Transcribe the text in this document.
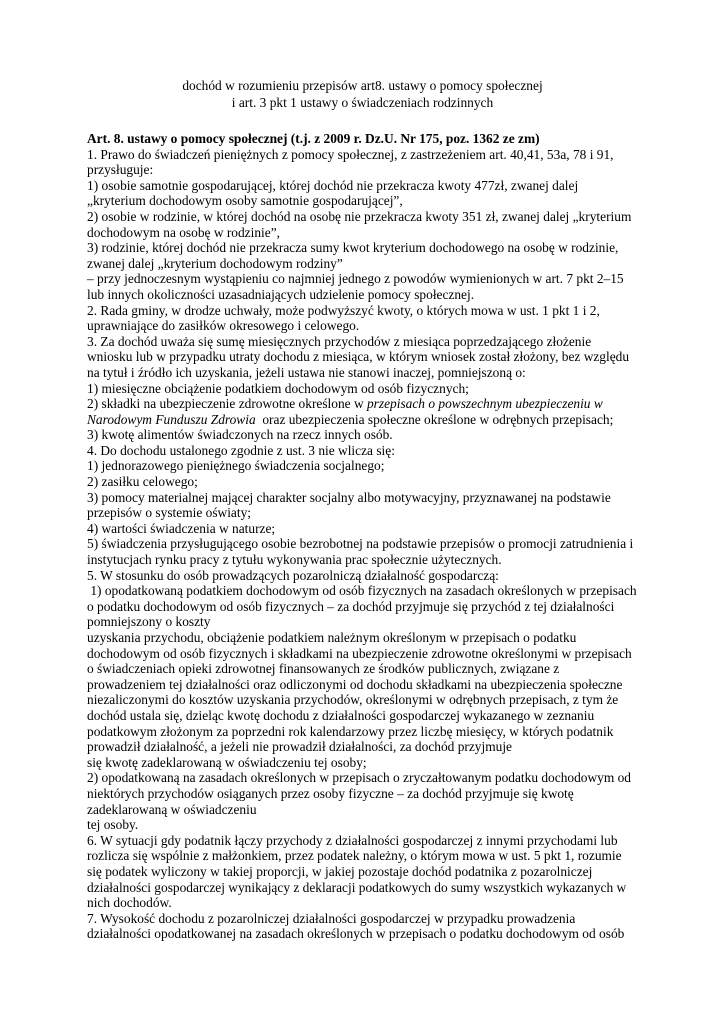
dochód w rozumieniu przepisów art8. ustawy o pomocy społecznej
i art. 3 pkt 1 ustawy o świadczeniach rodzinnych
Art. 8. ustawy o pomocy społecznej (t.j. z 2009 r. Dz.U. Nr 175, poz. 1362 ze zm)
1. Prawo do świadczeń pieniężnych z pomocy społecznej, z zastrzeżeniem art. 40,41, 53a, 78 i 91,
przysługuje:
1) osobie samotnie gospodarującej, której dochód nie przekracza kwoty 477zł, zwanej dalej
„kryterium dochodowym osoby samotnie gospodarującej”,
2) osobie w rodzinie, w której dochód na osobę nie przekracza kwoty 351 zł, zwanej dalej „kryterium
dochodowym na osobę w rodzinie”,
3) rodzinie, której dochód nie przekracza sumy kwot kryterium dochodowego na osobę w rodzinie,
zwanej dalej „kryterium dochodowym rodziny”
– przy jednoczesnym wystąpieniu co najmniej jednego z powodów wymienionych w art. 7 pkt 2–15
lub innych okoliczności uzasadniających udzielenie pomocy społecznej.
2. Rada gminy, w drodze uchwały, może podwyższyć kwoty, o których mowa w ust. 1 pkt 1 i 2,
uprawniające do zasiłków okresowego i celowego.
3. Za dochód uważa się sumę miesięcznych przychodów z miesiąca poprzedzającego złożenie
wniosku lub w przypadku utraty dochodu z miesiąca, w którym wniosek został złożony, bez względu
na tytuł i źródło ich uzyskania, jeżeli ustawa nie stanowi inaczej, pomniejszoną o:
1) miesięczne obciążenie podatkiem dochodowym od osób fizycznych;
2) składki na ubezpieczenie zdrowotne określone w przepisach o powszechnym ubezpieczeniu w
Narodowym Funduszu Zdrowia  oraz ubezpieczenia społeczne określone w odrębnych przepisach;
3) kwotę alimentów świadczonych na rzecz innych osób.
4. Do dochodu ustalonego zgodnie z ust. 3 nie wlicza się:
1) jednorazowego pieniężnego świadczenia socjalnego;
2) zasiłku celowego;
3) pomocy materialnej mającej charakter socjalny albo motywacyjny, przyznawanej na podstawie
przepisów o systemie oświaty;
4) wartości świadczenia w naturze;
5) świadczenia przysługującego osobie bezrobotnej na podstawie przepisów o promocji zatrudnienia i
instytucjach rynku pracy z tytułu wykonywania prac społecznie użytecznych.
5. W stosunku do osób prowadzących pozarolniczą działalność gospodarczą:
1) opodatkowaną podatkiem dochodowym od osób fizycznych na zasadach określonych w przepisach
o podatku dochodowym od osób fizycznych – za dochód przyjmuje się przychód z tej działalności
pomniejszony o koszty
uzyskania przychodu, obciążenie podatkiem należnym określonym w przepisach o podatku
dochodowym od osób fizycznych i składkami na ubezpieczenie zdrowotne określonymi w przepisach
o świadczeniach opieki zdrowotnej finansowanych ze środków publicznych, związane z
prowadzeniem tej działalności oraz odliczonymi od dochodu składkami na ubezpieczenia społeczne
niezaliczonymi do kosztów uzyskania przychodów, określonymi w odrębnych przepisach, z tym że
dochód ustala się, dzieląc kwotę dochodu z działalności gospodarczej wykazanego w zeznaniu
podatkowym złożonym za poprzedni rok kalendarzowy przez liczbę miesięcy, w których podatnik
prowadził działalność, a jeżeli nie prowadził działalności, za dochód przyjmuje
się kwotę zadeklarowaną w oświadczeniu tej osoby;
2) opodatkowaną na zasadach określonych w przepisach o zryczałtowanym podatku dochodowym od
niektórych przychodów osiąganych przez osoby fizyczne – za dochód przyjmuje się kwotę
zadeklarowaną w oświadczeniu
tej osoby.
6. W sytuacji gdy podatnik łączy przychody z działalności gospodarczej z innymi przychodami lub
rozlicza się wspólnie z małżonkiem, przez podatek należny, o którym mowa w ust. 5 pkt 1, rozumie
się podatek wyliczony w takiej proporcji, w jakiej pozostaje dochód podatnika z pozarolniczej
działalności gospodarczej wynikający z deklaracji podatkowych do sumy wszystkich wykazanych w
nich dochodów.
7. Wysokość dochodu z pozarolniczej działalności gospodarczej w przypadku prowadzenia
działalności opodatkowanej na zasadach określonych w przepisach o podatku dochodowym od osób
